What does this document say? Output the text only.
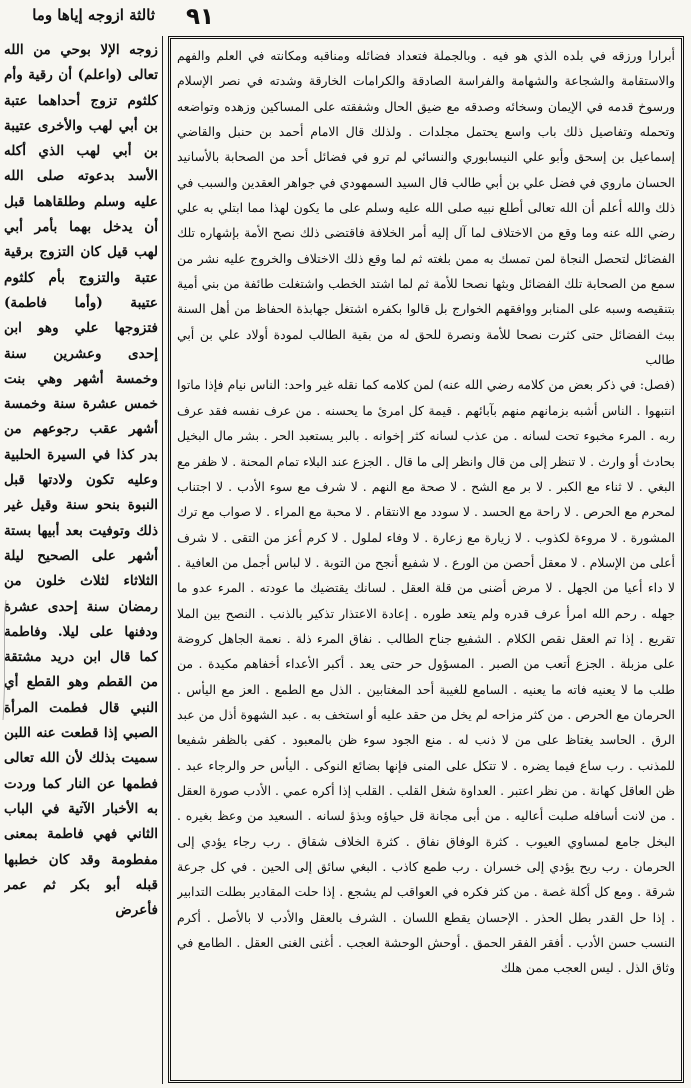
ثالثة ازوجه إياها وما	٩١
زوجه الإلا بوحي من الله تعالى (واعلم) أن رقية وأم كلثوم تزوج أحداهما عتبة بن أبي لهب والأخرى عتيبة بن أبي لهب الذي أكله الأسد بدعوته صلى الله عليه وسلم وطلقاهما قبل أن يدخل بهما بأمر أبي لهب قيل كان التزوج برقية عتبة والتزوج بأم كلثوم عتيبة (وأما فاطمة) فتزوجها علي وهو ابن إحدى وعشرين سنة وخمسة أشهر وهي بنت خمس عشرة سنة وخمسة أشهر عقب رجوعهم من بدر كذا في السيرة الحلبية وعليه تكون ولادتها قبل النبوة بنحو سنة وقيل غير ذلك وتوفيت بعد أبيها بستة أشهر على الصحيح ليلة الثلاثاء لثلاث خلون من رمضان سنة إحدى عشرة ودفنها على ليلا. وفاطمة كما قال ابن دريد مشتقة من القطم وهو القطع أي النبي قال فطمت المرأة الصبي إذا قطعت عنه اللبن سميت بذلك لأن الله تعالى فطمها عن النار كما وردت به الأخبار الآتية في الباب الثاني فهي فاطمة بمعنى مفطومة وقد كان خطبها قبله أبو بكر ثم عمر فأعرض

أبرارا ورزقه في بلده الذي هو فيه . وبالجملة فتعداد فضائله ومناقبه ومكانته في العلم والفهم والاستقامة والشجاعة والشهامة والفراسة الصادقة والكرامات الخارقة وشدته في نصر الإسلام ورسوخ قدمه في الإيمان وسخائه وصدقه مع ضيق الحال وشفقته على المساكين وزهده وتواضعه وتحمله وتفاصيل ذلك باب واسع يحتمل مجلدات . ولذلك قال الامام أحمد بن حنبل والقاضي إسماعيل بن إسحق وأبو علي النيسابوري والنسائي لم ترو في فضائل أحد من الصحابة بالأسانيد الحسان ماروي في فضل علي بن أبي طالب قال السيد السمهودي في جواهر العقدين والسبب في ذلك والله أعلم أن الله تعالى أطلع نبيه صلى الله عليه وسلم على ما يكون لهذا مما ابتلي به علي رضي الله عنه وما وقع من الاختلاف لما آل إليه أمر الخلافة فاقتضى ذلك نصح الأمة بإشهاره تلك الفضائل لتحصل النجاة لمن تمسك به ممن بلغته ثم لما وقع ذلك الاختلاف والخروج عليه نشر من سمع من الصحابة تلك الفضائل وبثها نصحا للأمة ثم لما اشتد الخطب واشتغلت طائفة من بني أمية بتنقيصه وسبه على المنابر ووافقهم الخوارج بل قالوا بكفره اشتغل جهابذة الحفاظ من أهل السنة ببث الفضائل حتى كثرت نصحا للأمة ونصرة للحق له من بقية الطالب لمودة أولاد علي بن أبي طالب

(فصل: في ذكر بعض من كلامه رضي الله عنه) لمن كلامه كما نقله غير واحد: الناس نيام فإذا ماتوا انتبهوا . الناس أشبه بزمانهم منهم بآبائهم . قيمة كل امرئ ما يحسنه . من عرف نفسه فقد عرف ربه . المرء مخبوء تحت لسانه . من عذب لسانه كثر إخوانه . بالبر يستعبد الحر . بشر مال البخيل بحادث أو وارث . لا تنظر إلى من قال وانظر إلى ما قال . الجزع عند البلاء تمام المحنة . لا ظفر مع البغي . لا ثناء مع الكبر . لا بر مع الشح . لا صحة مع النهم . لا شرف مع سوء الأدب . لا اجتناب لمحرم مع الحرص . لا راحة مع الحسد . لا سودد مع الانتقام . لا محبة مع المراء . لا صواب مع ترك المشورة . لا مروءة لكذوب . لا زيارة مع زعارة . لا وفاء لملول . لا كرم أعز من التقى . لا شرف أعلى من الإسلام . لا معقل أحصن من الورع . لا شفيع أنجح من التوبة . لا لباس أجمل من العافية . لا داء أعيا من الجهل . لا مرض أضنى من قلة العقل . لسانك يقتضيك ما عودته . المرء عدو ما جهله . رحم الله امرأ عرف قدره ولم يتعد طوره . إعادة الاعتذار تذكير بالذنب . النصح بين الملا تقريع . إذا تم العقل نقص الكلام . الشفيع جناح الطالب . نفاق المرء ذلة . نعمة الجاهل كروضة على مزبلة . الجزع أتعب من الصبر . المسؤول حر حتى يعد . أكبر الأعداء أخفاهم مكيدة . من طلب ما لا يعنيه فاته ما يعنيه . السامع للغيبة أحد المغتابين . الذل مع الطمع . العز مع اليأس . الحرمان مع الحرص . من كثر مزاحه لم يخل من حقد عليه أو استخف به . عبد الشهوة أذل من عبد الرق . الحاسد يغتاظ على من لا ذنب له . منع الجود سوء ظن بالمعبود . كفى بالظفر شفيعا للمذنب . رب ساع فيما يضره . لا تتكل على المنى فإنها بضائع النوكى . اليأس حر والرجاء عبد . ظن العاقل كهانة . من نظر اعتبر . العداوة شغل القلب . القلب إذا أكره عمي . الأدب صورة العقل . من لانت أسافله صلبت أعاليه . من أبى مجانة قل حياؤه وبذؤ لسانه . السعيد من وعظ بغيره . البخل جامع لمساوي العيوب . كثرة الوفاق نفاق . كثرة الخلاف شقاق . رب رجاء يؤدي إلى الحرمان . رب ربح يؤدي إلى خسران . رب طمع كاذب . البغي سائق إلى الحين . في كل جرعة شرقة . ومع كل أكلة غصة . من كثر فكره في العواقب لم يشجع . إذا حلت المقادير بطلت التدابير . إذا حل القدر بطل الحذر . الإحسان يقطع اللسان . الشرف بالعقل والأدب لا بالأصل . أكرم النسب حسن الأدب . أفقر الفقر الحمق . أوحش الوحشة العجب . أغنى الغنى العقل . الطامع في وثاق الذل . ليس العجب ممن هلك
